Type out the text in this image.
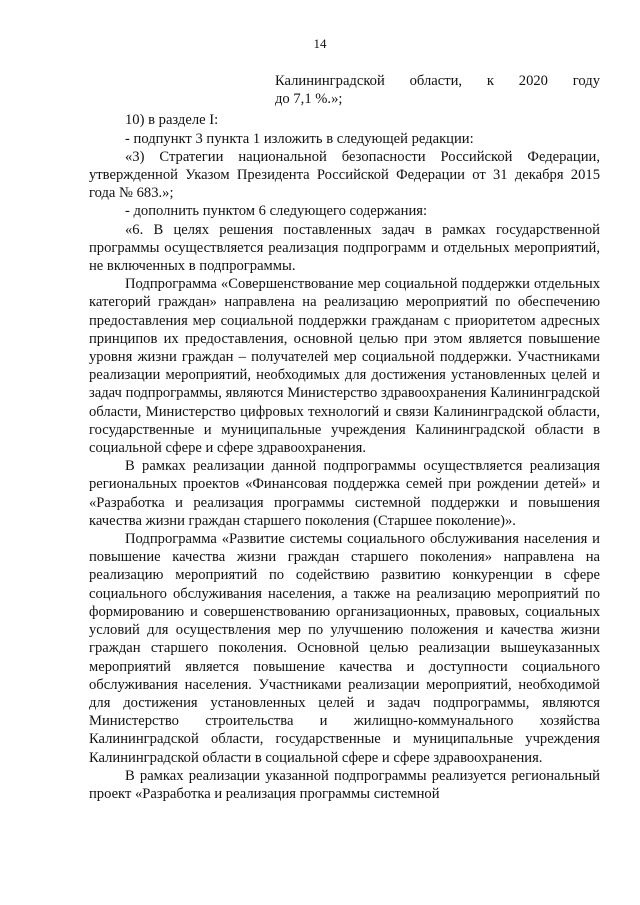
14

Калининградской области, к 2020 году

до 7,1 %.»;

10) в разделе I:

- подпункт 3 пункта 1 изложить в следующей редакции:

«3) Стратегии национальной безопасности Российской Федерации, утвержденной Указом Президента Российской Федерации от 31 декабря 2015 года № 683.»;

- дополнить пунктом 6 следующего содержания:

«6. В целях решения поставленных задач в рамках государственной программы осуществляется реализация подпрограмм и отдельных мероприятий, не включенных в подпрограммы.

Подпрограмма «Совершенствование мер социальной поддержки отдельных категорий граждан» направлена на реализацию мероприятий по обеспечению предоставления мер социальной поддержки гражданам с приоритетом адресных принципов их предоставления, основной целью при этом является повышение уровня жизни граждан – получателей мер социальной поддержки. Участниками реализации мероприятий, необходимых для достижения установленных целей и задач подпрограммы, являются Министерство здравоохранения Калининградской области, Министерство цифровых технологий и связи Калининградской области, государственные и муниципальные учреждения Калининградской области в социальной сфере и сфере здравоохранения.

В рамках реализации данной подпрограммы осуществляется реализация региональных проектов «Финансовая поддержка семей при рождении детей» и «Разработка и реализация программы системной поддержки и повышения качества жизни граждан старшего поколения (Старшее поколение)».

Подпрограмма «Развитие системы социального обслуживания населения и повышение качества жизни граждан старшего поколения» направлена на реализацию мероприятий по содействию развитию конкуренции в сфере социального обслуживания населения, а также на реализацию мероприятий по формированию и совершенствованию организационных, правовых, социальных условий для осуществления мер по улучшению положения и качества жизни граждан старшего поколения. Основной целью реализации вышеуказанных мероприятий является повышение качества и доступности социального обслуживания населения. Участниками реализации мероприятий, необходимой для достижения установленных целей и задач подпрограммы, являются Министерство строительства и жилищно-коммунального хозяйства Калининградской области, государственные и муниципальные учреждения Калининградской области в социальной сфере и сфере здравоохранения.

В рамках реализации указанной подпрограммы реализуется региональный проект «Разработка и реализация программы системной
